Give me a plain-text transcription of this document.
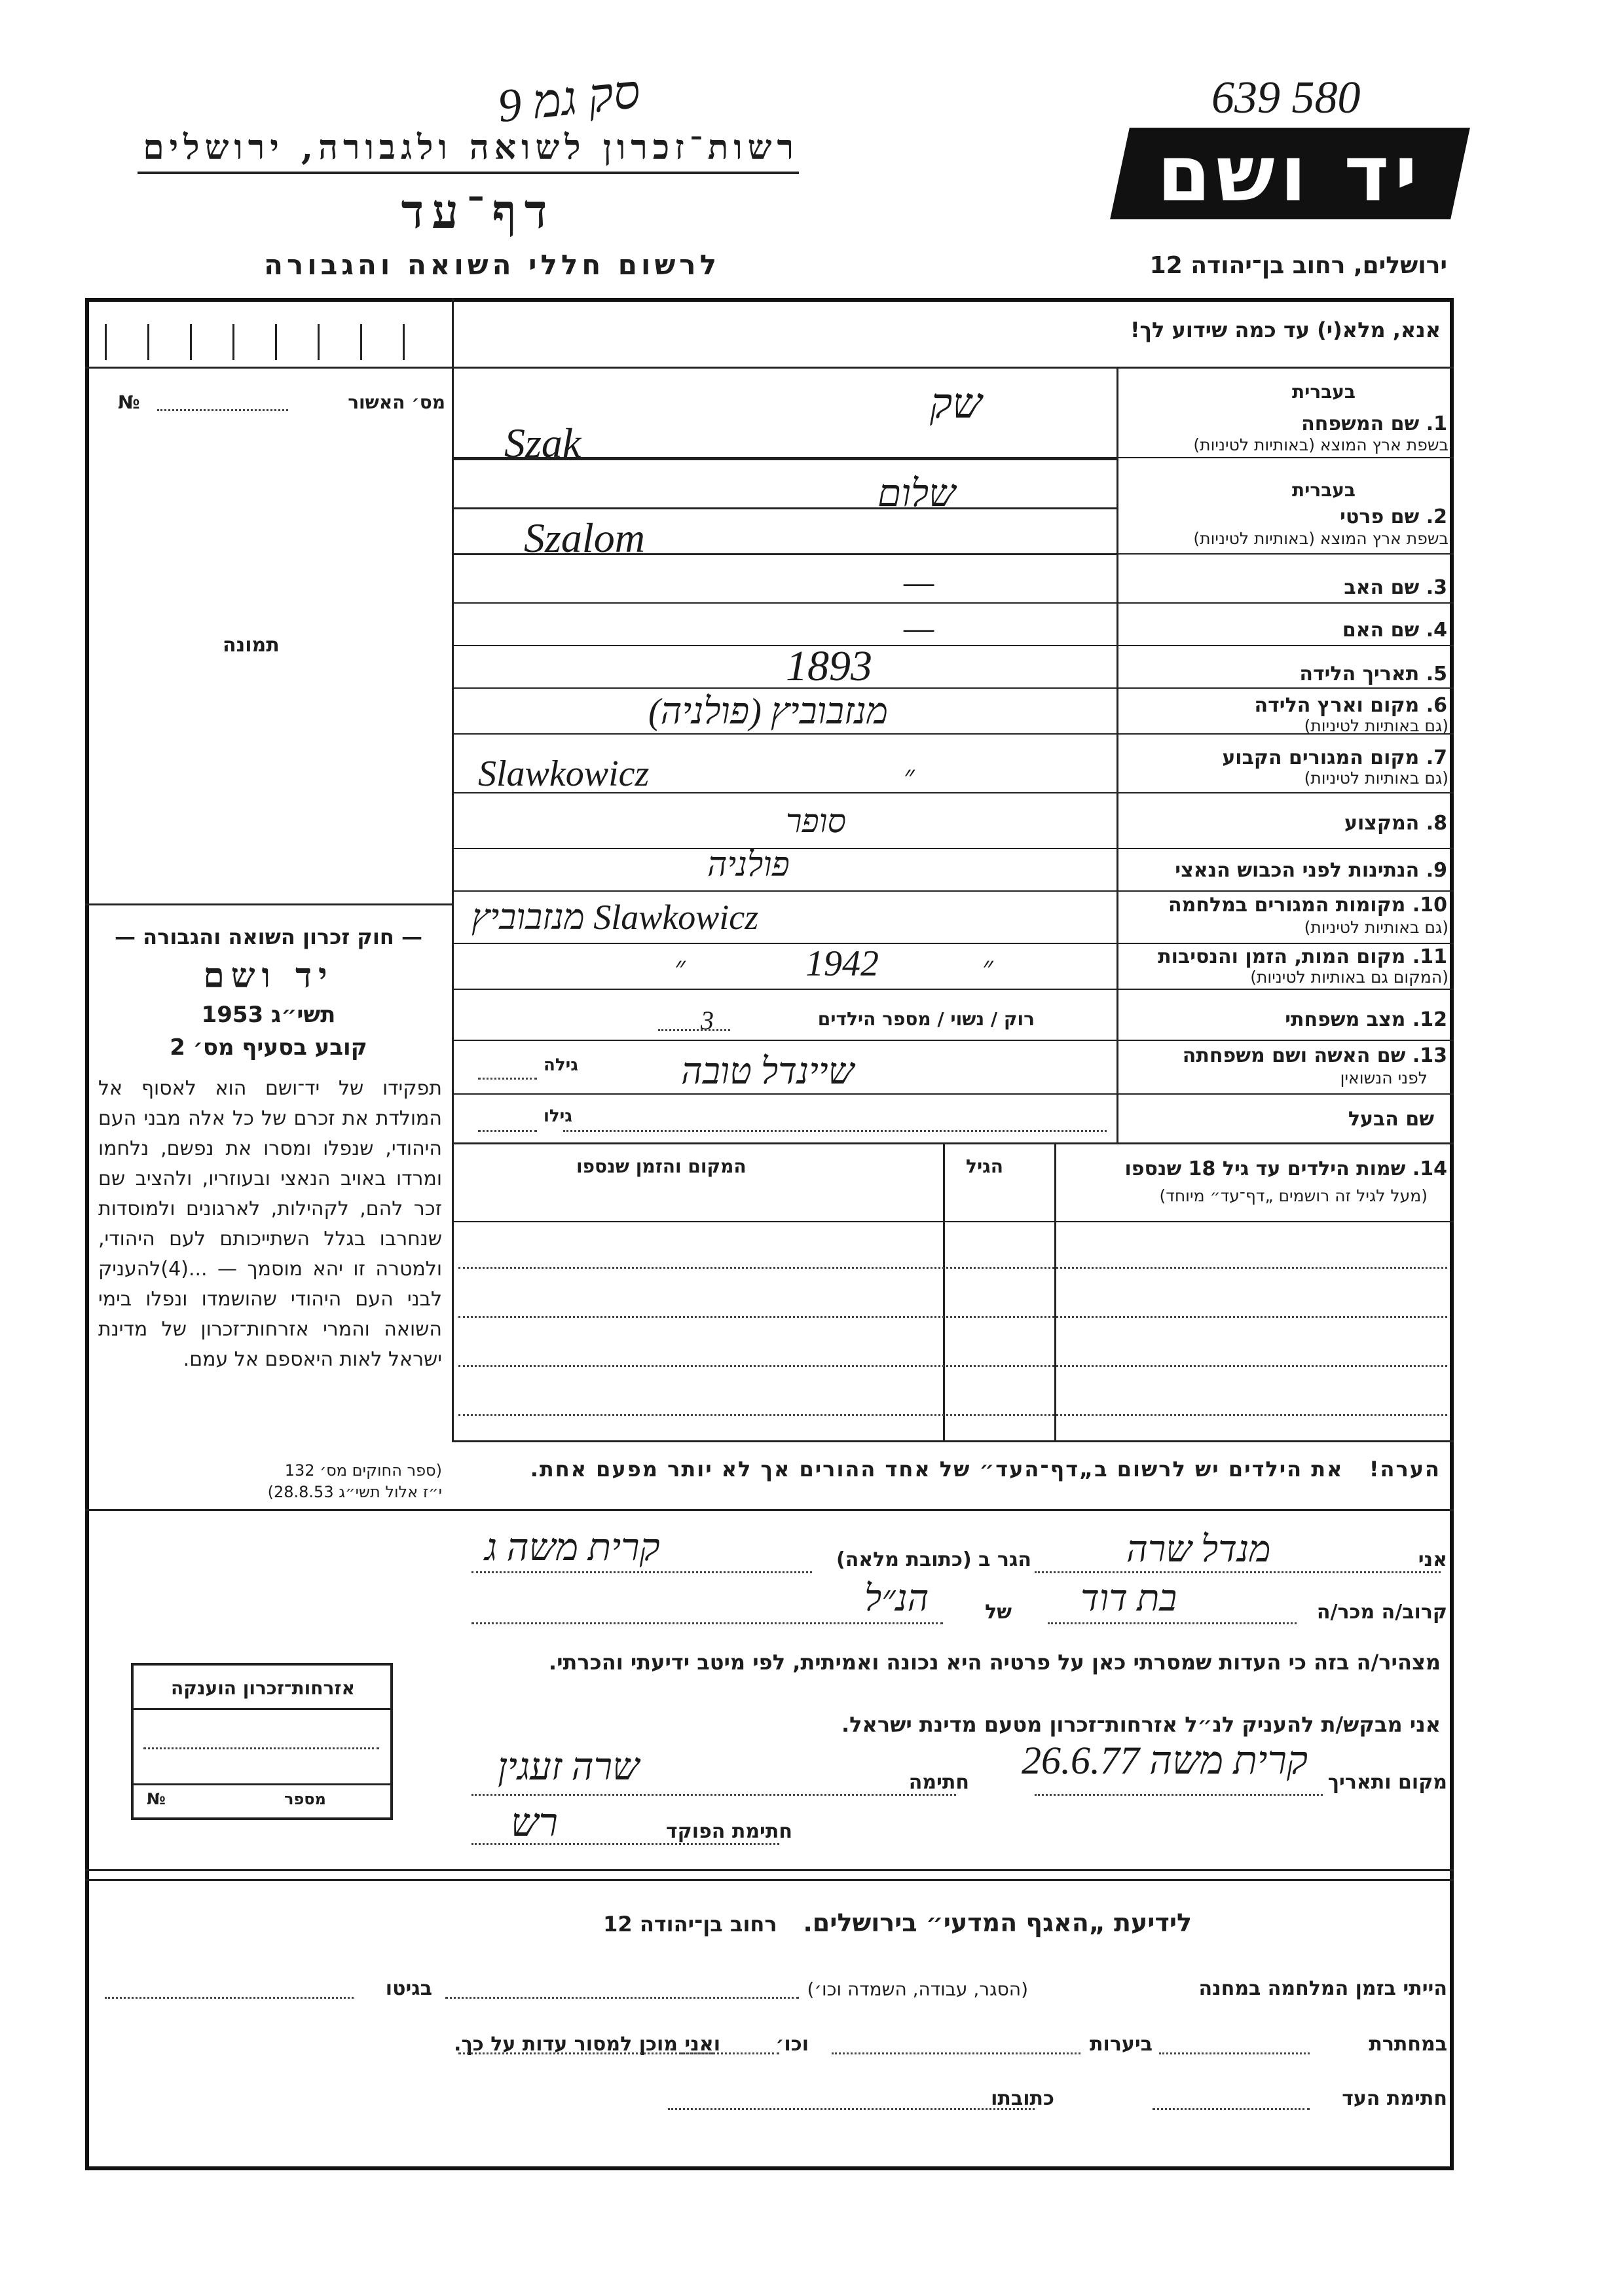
639 580
סק גמ 9
רשות־זכרון לשואה ולגבורה, ירושלים
דף־עד
לרשום חללי השואה והגבורה
יד ושם
ירושלים, רחוב בן־יהודה 12
אנא, מלא(י) עד כמה שידוע לך!
מס׳ האשור
№
תמונה
— חוק זכרון השואה והגבורה —
יד ושם
תשי״ג 1953
קובע בסעיף מס׳ 2
תפקידו של יד־ושם הוא לאסוף אל המולדת את זכרם של כל אלה מבני העם היהודי, שנפלו ומסרו את נפשם, נלחמו ומרדו באויב הנאצי ובעוזריו, ולהציב שם זכר להם, לקהילות, לארגונים ולמוסדות שנחרבו בגלל השתייכותם לעם היהודי, ולמטרה זו יהא מוסמך — ...(4)להעניק לבני העם היהודי שהושמדו ונפלו בימי השואה והמרי אזרחות־זכרון של מדינת ישראל לאות היאספם אל עמם.
(ספר החוקים מס׳ 132
י״ז אלול תשי״ג 28.8.53)
בעברית
1. שם המשפחה
בשפת ארץ המוצא (באותיות לטיניות)
שק
Szak
בעברית
2. שם פרטי
בשפת ארץ המוצא (באותיות לטיניות)
שלום
Szalom
3. שם האב
—
4. שם האם
—
5. תאריך הלידה
1893
6. מקום וארץ הלידה
(גם באותיות לטיניות)
מנזבוביץ (פולניה)
7. מקום המגורים הקבוע
(גם באותיות לטיניות)
Slawkowicz	״
8. המקצוע
סופר
9. הנתינות לפני הכבוש הנאצי
פולניה
10. מקומות המגורים במלחמה
(גם באותיות לטיניות)
מנזבוביץ Slawkowicz
11. מקום המות, הזמן והנסיבות
(המקום גם באותיות לטיניות)
1942	״
״
12. מצב משפחתי
רוק / נשוי / מספר הילדים
3
13. שם האשה ושם משפחתה
לפני הנשואין
גילה	שיינדל טובה
שם הבעל
גילו
14. שמות הילדים עד גיל 18 שנספו
(מעל לגיל זה רושמים „דף־עד״ מיוחד)
הגיל
המקום והזמן שנספו
הערה!   את הילדים יש לרשום ב„דף־העד״ של אחד ההורים אך לא יותר מפעם אחת.
אני
מנדל שרה
הגר ב (כתובת מלאה)
קרית משה ג
קרוב/ה מכר/ה
בת דוד
של
הנ״ל
מצהיר/ה בזה כי העדות שמסרתי כאן על פרטיה היא נכונה ואמיתית, לפי מיטב ידיעתי והכרתי.
אני מבקש/ת להעניק לנ״ל אזרחות־זכרון מטעם מדינת ישראל.
מקום ותאריך
קרית משה 26.6.77
חתימה
שרה זעגין
חתימת הפוקד
רש
אזרחות־זכרון הוענקה
מספר
№
לידיעת „האגף המדעי״ בירושלים.   רחוב בן־יהודה 12
הייתי בזמן המלחמה במחנה
(הסגר, עבודה, השמדה וכו׳)
בגיטו
במחתרת
ביערות
וכו׳
ואני מוכן למסור עדות על כך.
חתימת העד
כתובתו
